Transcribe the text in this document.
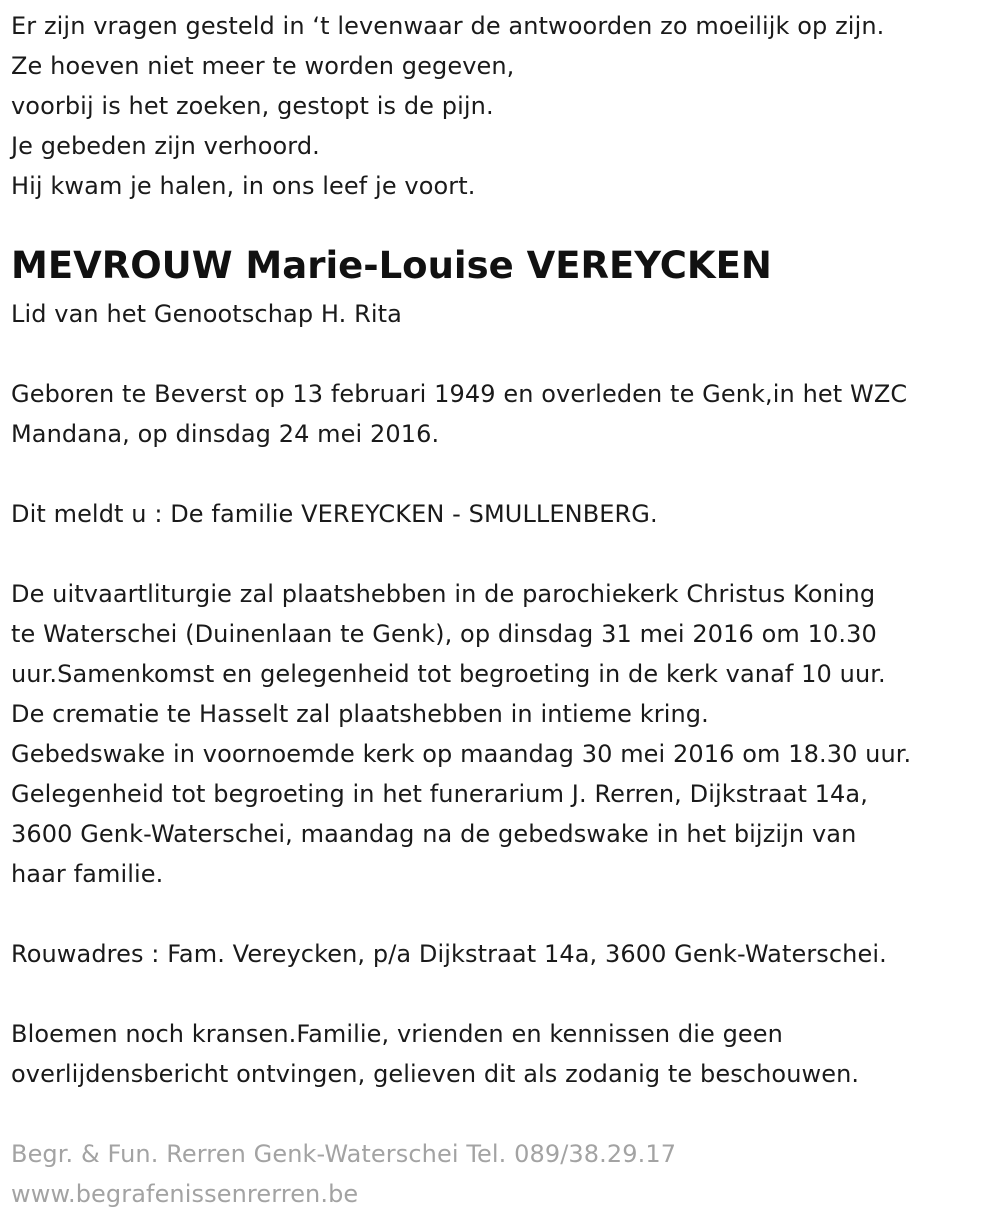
Er zijn vragen gesteld in ‘t levenwaar de antwoorden zo moeilijk op zijn.
Ze hoeven niet meer te worden gegeven,
voorbij is het zoeken, gestopt is de pijn.
Je gebeden zijn verhoord.
Hij kwam je halen, in ons leef je voort.
MEVROUW Marie-Louise VEREYCKEN
Lid van het Genootschap H. Rita
Geboren te Beverst op 13 februari 1949 en overleden te Genk,in het WZC
Mandana, op dinsdag 24 mei 2016.
Dit meldt u : De familie VEREYCKEN - SMULLENBERG.
De uitvaartliturgie zal plaatshebben in de parochiekerk Christus Koning
te Waterschei (Duinenlaan te Genk), op dinsdag 31 mei 2016 om 10.30
uur.Samenkomst en gelegenheid tot begroeting in de kerk vanaf 10 uur.
De crematie te Hasselt zal plaatshebben in intieme kring.
Gebedswake in voornoemde kerk op maandag 30 mei 2016 om 18.30 uur.
Gelegenheid tot begroeting in het funerarium J. Rerren, Dijkstraat 14a,
3600 Genk-Waterschei, maandag na de gebedswake in het bijzijn van
haar familie.
Rouwadres : Fam. Vereycken, p/a Dijkstraat 14a, 3600 Genk-Waterschei.
Bloemen noch kransen.Familie, vrienden en kennissen die geen
overlijdensbericht ontvingen, gelieven dit als zodanig te beschouwen.
Begr. & Fun. Rerren Genk-Waterschei Tel. 089/38.29.17
www.begrafenissenrerren.be
